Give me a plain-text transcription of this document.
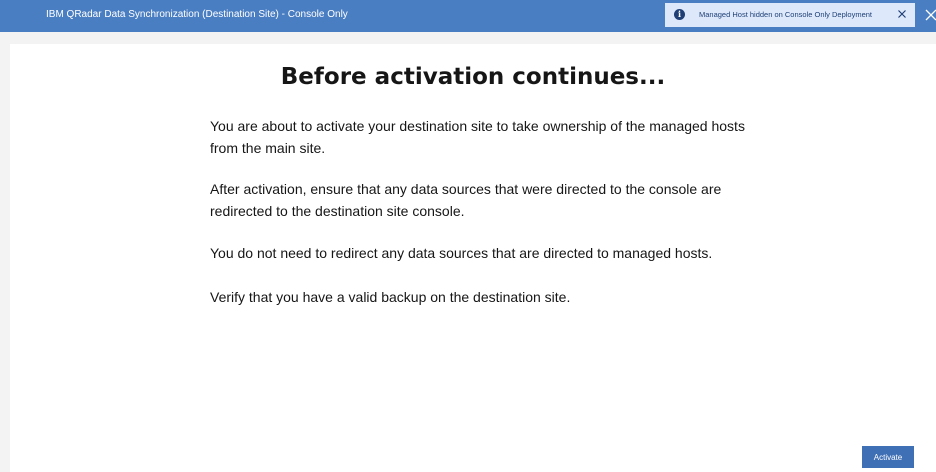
IBM QRadar Data Synchronization (Destination Site) - Console Only	i	Managed Host hidden on Console Only Deployment
Before activation continues...

You are about to activate your destination site to take ownership of the managed hosts from the main site.

After activation, ensure that any data sources that were directed to the console are redirected to the destination site console.

You do not need to redirect any data sources that are directed to managed hosts.

Verify that you have a valid backup on the destination site.

Activate
